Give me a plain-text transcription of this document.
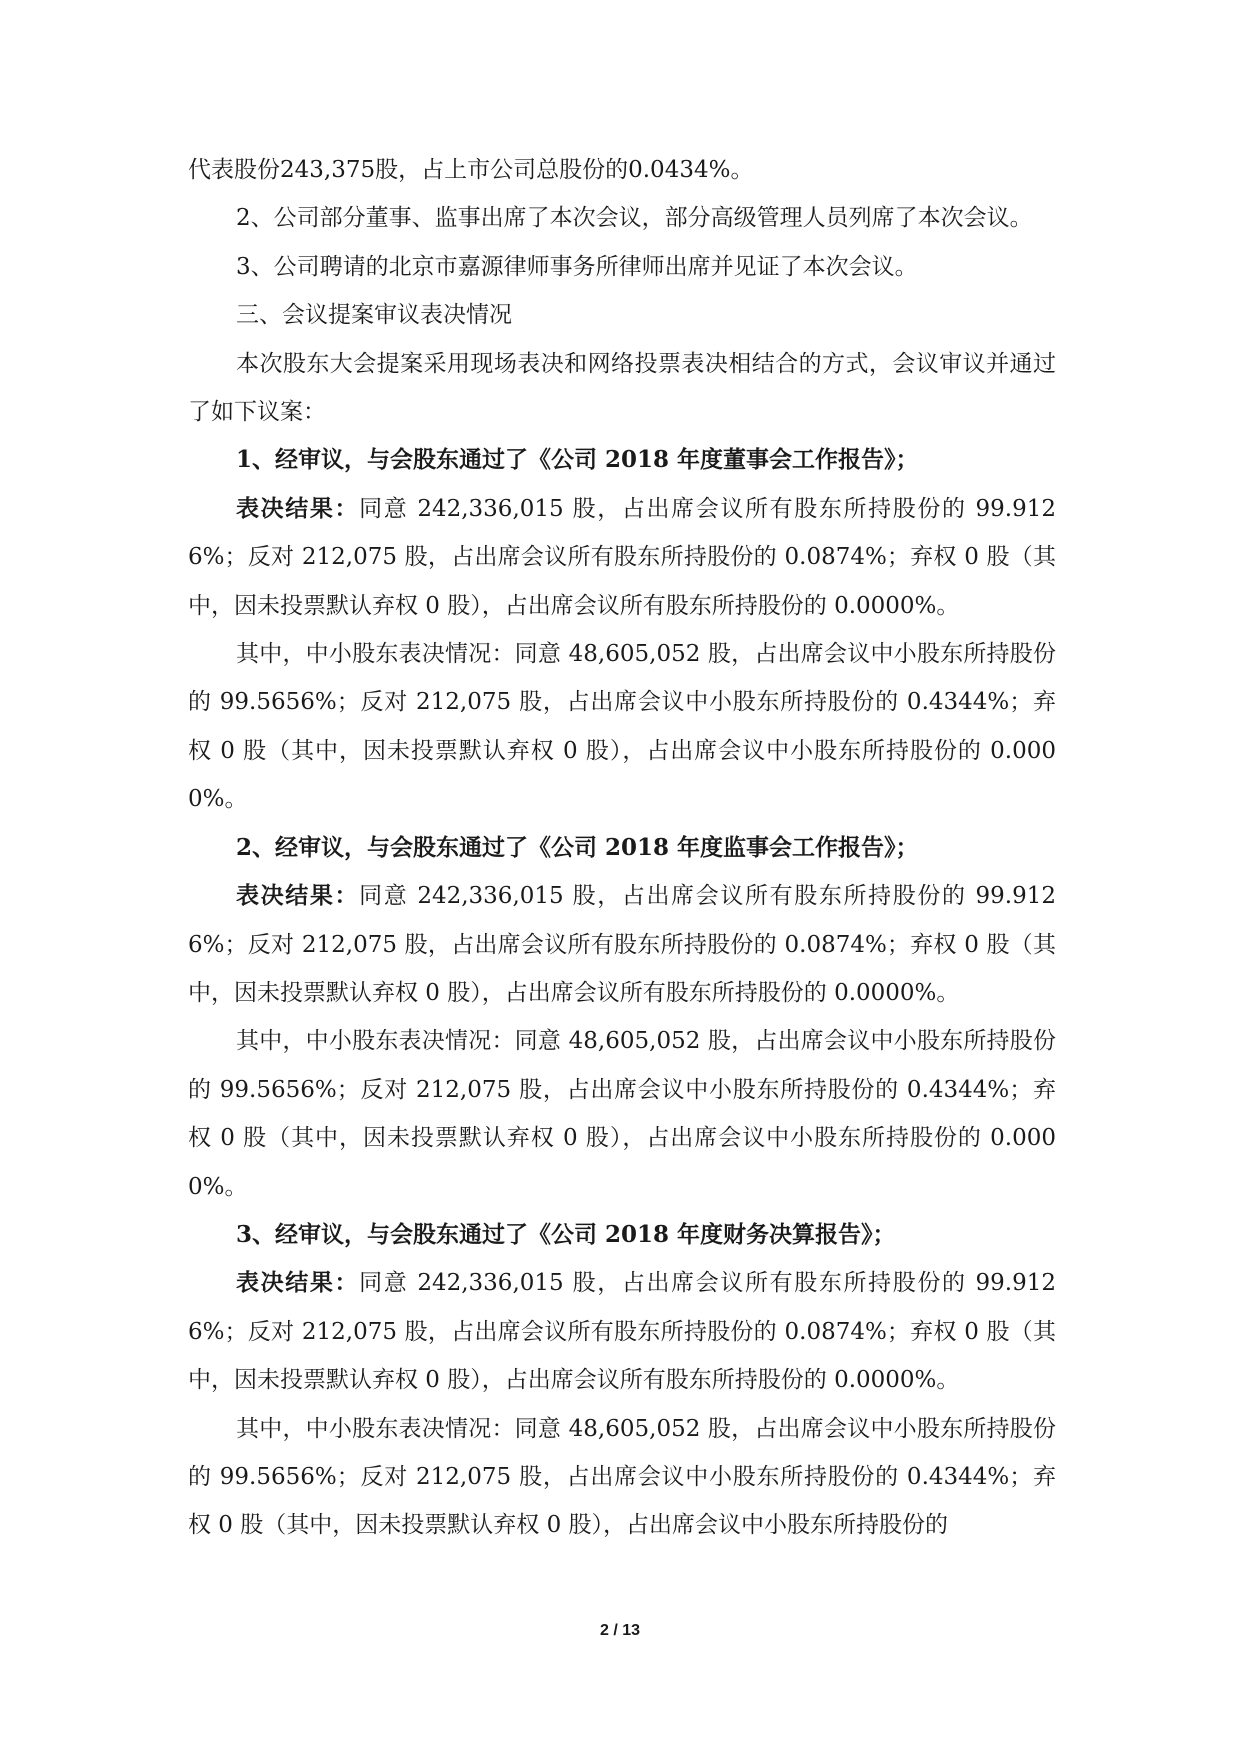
代表股份243,375股，占上市公司总股份的0.0434%。

2、公司部分董事、监事出席了本次会议，部分高级管理人员列席了本次会议。

3、公司聘请的北京市嘉源律师事务所律师出席并见证了本次会议。

三、会议提案审议表决情况

本次股东大会提案采用现场表决和网络投票表决相结合的方式，会议审议并通过了如下议案：

1、经审议，与会股东通过了《公司 2018 年度董事会工作报告》；

表决结果：同意 242,336,015 股，占出席会议所有股东所持股份的 99.9126%；反对 212,075 股，占出席会议所有股东所持股份的 0.0874%；弃权 0 股（其中，因未投票默认弃权 0 股），占出席会议所有股东所持股份的 0.0000%。

其中，中小股东表决情况：同意 48,605,052 股，占出席会议中小股东所持股份的 99.5656%；反对 212,075 股，占出席会议中小股东所持股份的 0.4344%；弃权 0 股（其中，因未投票默认弃权 0 股），占出席会议中小股东所持股份的 0.0000%。

2、经审议，与会股东通过了《公司 2018 年度监事会工作报告》；

表决结果：同意 242,336,015 股，占出席会议所有股东所持股份的 99.9126%；反对 212,075 股，占出席会议所有股东所持股份的 0.0874%；弃权 0 股（其中，因未投票默认弃权 0 股），占出席会议所有股东所持股份的 0.0000%。

其中，中小股东表决情况：同意 48,605,052 股，占出席会议中小股东所持股份的 99.5656%；反对 212,075 股，占出席会议中小股东所持股份的 0.4344%；弃权 0 股（其中，因未投票默认弃权 0 股），占出席会议中小股东所持股份的 0.0000%。

3、经审议，与会股东通过了《公司 2018 年度财务决算报告》；

表决结果：同意 242,336,015 股，占出席会议所有股东所持股份的 99.9126%；反对 212,075 股，占出席会议所有股东所持股份的 0.0874%；弃权 0 股（其中，因未投票默认弃权 0 股），占出席会议所有股东所持股份的 0.0000%。

其中，中小股东表决情况：同意 48,605,052 股，占出席会议中小股东所持股份的 99.5656%；反对 212,075 股，占出席会议中小股东所持股份的 0.4344%；弃权 0 股（其中，因未投票默认弃权 0 股），占出席会议中小股东所持股份的

2 / 13
